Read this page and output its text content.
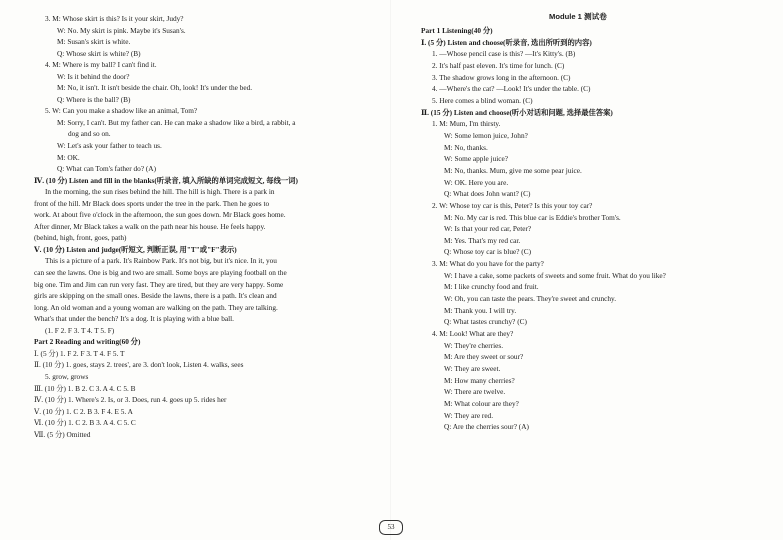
Module 1 测试卷
3. M: Whose skirt is this? Is it your skirt, Judy?
W: No. My skirt is pink. Maybe it's Susan's.
M: Susan's skirt is white.
Q: Whose skirt is white? (B)
4. M: Where is my ball? I can't find it.
W: Is it behind the door?
M: No, it isn't. It isn't beside the chair. Oh, look! It's under the bed.
Q: Where is the ball? (B)
5. W: Can you make a shadow like an animal, Tom?
M: Sorry, I can't. But my father can. He can make a shadow like a bird, a rabbit, a
dog and so on.
W: Let's ask your father to teach us.
M: OK.
Q: What can Tom's father do? (A)
Ⅳ. (10 分) Listen and fill in the blanks(听录音, 填入所缺的单词完成短文, 每线一词)
In the morning, the sun rises behind the hill. The hill is high. There is a park in
front of the hill. Mr Black does sports under the tree in the park. Then he goes to
work. At about five o'clock in the afternoon, the sun goes down. Mr Black goes home.
After dinner, Mr Black takes a walk on the path near his house. He feels happy.
(behind, high, front, goes, path)
Ⅴ. (10 分) Listen and judge(听短文, 判断正误, 用"T"或"F"表示)
This is a picture of a park. It's Rainbow Park. It's not big, but it's nice. In it, you
can see the lawns. One is big and two are small. Some boys are playing football on the
big one. Tim and Jim can run very fast. They are tired, but they are very happy. Some
girls are skipping on the small ones. Beside the lawns, there is a path. It's clean and
long. An old woman and a young woman are walking on the path. They are talking.
What's that under the bench? It's a dog. It is playing with a blue ball.
(1. F 2. F 3. T 4. T 5. F)
Part 2 Reading and writing(60 分)
Ⅰ. (5 分) 1. F 2. F 3. T 4. F 5. T
Ⅱ. (10 分) 1. goes, stays 2. trees', are 3. don't look, Listen 4. walks, sees
5. grow, grows
Ⅲ. (10 分) 1. B 2. C 3. A 4. C 5. B
Ⅳ. (10 分) 1. Where's 2. Is, or 3. Does, run 4. goes up 5. rides her
Ⅴ. (10 分) 1. C 2. B 3. F 4. E 5. A
Ⅵ. (10 分) 1. C 2. B 3. A 4. C 5. C
Ⅶ. (5 分) Omitted
Part 1 Listening(40 分)
Ⅰ. (5 分) Listen and choose(听录音, 选出所听到的内容)
1. —Whose pencil case is this? —It's Kitty's. (B)
2. It's half past eleven. It's time for lunch. (C)
3. The shadow grows long in the afternoon. (C)
4. —Where's the cat? —Look! It's under the table. (C)
5. Here comes a blind woman. (C)
Ⅱ. (15 分) Listen and choose(听小对话和问题, 选择最佳答案)
1. M: Mum, I'm thirsty.
W: Some lemon juice, John?
M: No, thanks.
W: Some apple juice?
M: No, thanks. Mum, give me some pear juice.
W: OK. Here you are.
Q: What does John want? (C)
2. W: Whose toy car is this, Peter? Is this your toy car?
M: No. My car is red. This blue car is Eddie's brother Tom's.
W: Is that your red car, Peter?
M: Yes. That's my red car.
Q: Whose toy car is blue? (C)
3. M: What do you have for the party?
W: I have a cake, some packets of sweets and some fruit. What do you like?
M: I like crunchy food and fruit.
W: Oh, you can taste the pears. They're sweet and crunchy.
M: Thank you. I will try.
Q: What tastes crunchy? (C)
4. M: Look! What are they?
W: They're cherries.
M: Are they sweet or sour?
W: They are sweet.
M: How many cherries?
W: There are twelve.
M: What colour are they?
W: They are red.
Q: Are the cherries sour? (A)
53
